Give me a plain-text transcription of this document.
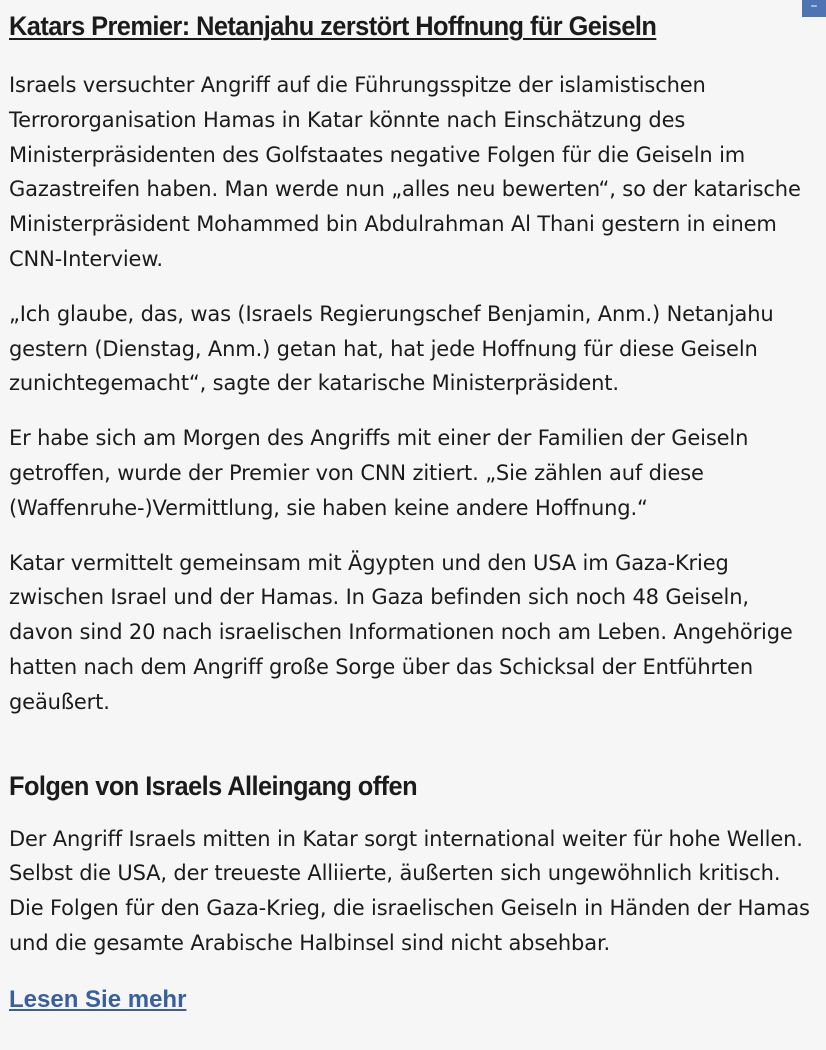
–
Katars Premier: Netanjahu zerstört Hoffnung für Geiseln

Israels versuchter Angriff auf die Führungsspitze der islamistischen Terrororganisation Hamas in Katar könnte nach Einschätzung des Ministerpräsidenten des Golfstaates negative Folgen für die Geiseln im Gazastreifen haben. Man werde nun „alles neu bewerten“, so der katarische Ministerpräsident Mohammed bin Abdulrahman Al Thani gestern in einem CNN-Interview.

„Ich glaube, das, was (Israels Regierungschef Benjamin, Anm.) Netanjahu gestern (Dienstag, Anm.) getan hat, hat jede Hoffnung für diese Geiseln zunichtegemacht“, sagte der katarische Ministerpräsident.

Er habe sich am Morgen des Angriffs mit einer der Familien der Geiseln getroffen, wurde der Premier von CNN zitiert. „Sie zählen auf diese (Waffenruhe-)Vermittlung, sie haben keine andere Hoffnung.“

Katar vermittelt gemeinsam mit Ägypten und den USA im Gaza-Krieg zwischen Israel und der Hamas. In Gaza befinden sich noch 48 Geiseln, davon sind 20 nach israelischen Informationen noch am Leben. Angehörige hatten nach dem Angriff große Sorge über das Schicksal der Entführten geäußert.

Folgen von Israels Alleingang offen

Der Angriff Israels mitten in Katar sorgt international weiter für hohe Wellen. Selbst die USA, der treueste Alliierte, äußerten sich ungewöhnlich kritisch. Die Folgen für den Gaza-Krieg, die israelischen Geiseln in Händen der Hamas und die gesamte Arabische Halbinsel sind nicht absehbar.

Lesen Sie mehr
